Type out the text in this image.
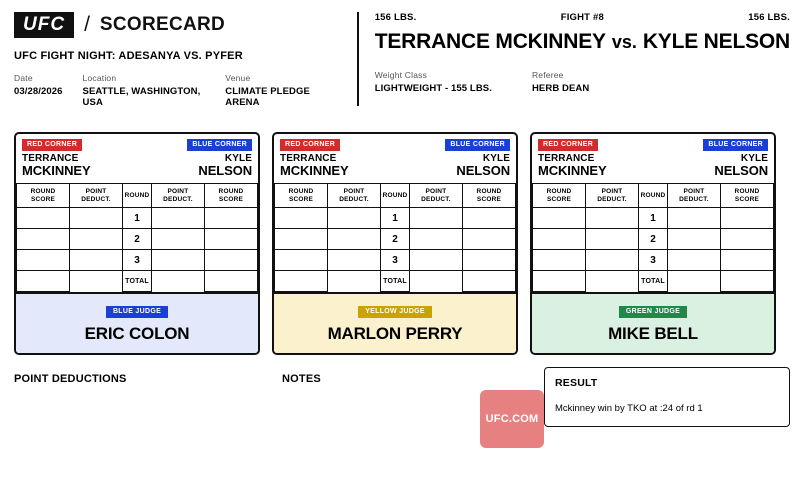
UFC / SCORECARD
UFC FIGHT NIGHT: ADESANYA VS. PYFER
Date
03/28/2026
Location
SEATTLE, WASHINGTON, USA
Venue
CLIMATE PLEDGE ARENA
156 LBS.	FIGHT #8	156 LBS.
TERRANCE MCKINNEY vs. KYLE NELSON
Weight Class
LIGHTWEIGHT - 155 LBS.
Referee
HERB DEAN
RED CORNER	BLUE CORNER
TERRANCE
MCKINNEY
KYLE
NELSON
ROUND SCORE	POINT DEDUCT.	ROUND	POINT DEDUCT.	ROUND SCORE
		1		
		2		
		3		
		TOTAL		
BLUE JUDGE
ERIC COLON
RED CORNER	BLUE CORNER
TERRANCE
MCKINNEY
KYLE
NELSON
ROUND SCORE	POINT DEDUCT.	ROUND	POINT DEDUCT.	ROUND SCORE
		1		
		2		
		3		
		TOTAL		
YELLOW JUDGE
MARLON PERRY
RED CORNER	BLUE CORNER
TERRANCE
MCKINNEY
KYLE
NELSON
ROUND SCORE	POINT DEDUCT.	ROUND	POINT DEDUCT.	ROUND SCORE
		1		
		2		
		3		
		TOTAL		
GREEN JUDGE
MIKE BELL
POINT DEDUCTIONS	NOTES	RESULT
Mckinney win by TKO at :24 of rd 1
UFC.COM
